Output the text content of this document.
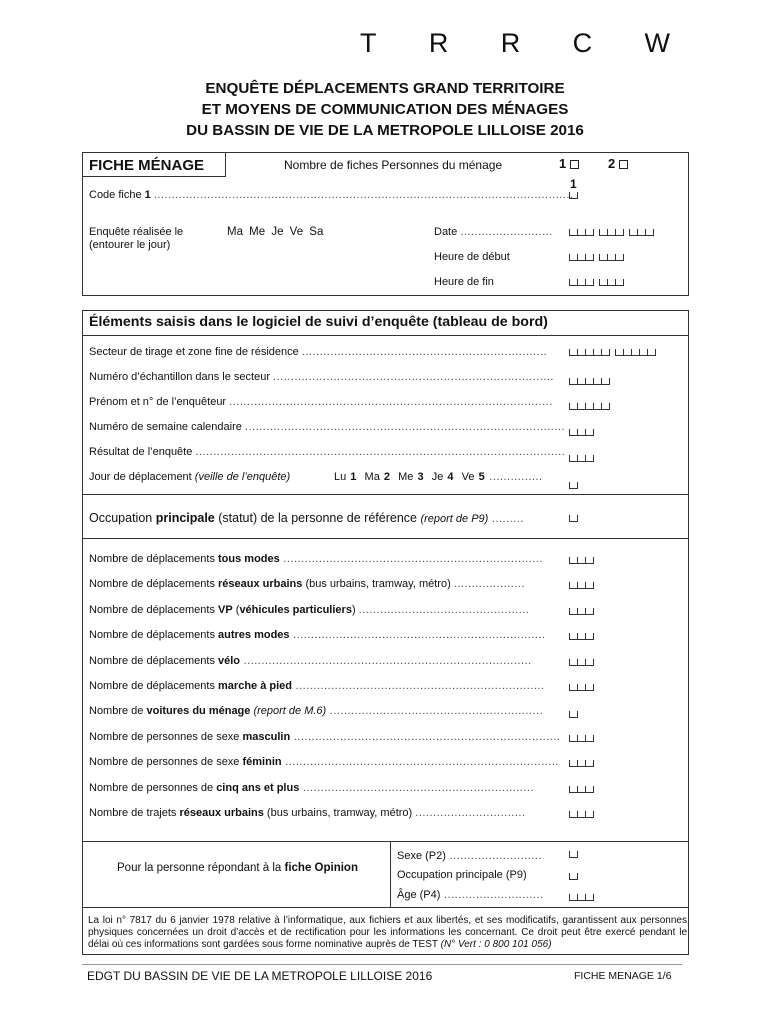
T R R C W
ENQUÊTE DÉPLACEMENTS GRAND TERRITOIRE
ET MOYENS DE COMMUNICATION DES MÉNAGES
DU BASSIN DE VIE DE LA METROPOLE LILLOISE 2016
FICHE MÉNAGE	Nombre de fiches Personnes du ménage	1	2
Code fiche 1 ......................................................................................................................
1
Enquête réalisée le
(entourer le jour)
Ma Me Je Ve Sa	Date ..........................
Heure de début
Heure de fin
Éléments saisis dans le logiciel de suivi d’enquête (tableau de bord)
Secteur de tirage et zone fine de résidence .....................................................................
Numéro d’échantillon dans le secteur ...............................................................................
Prénom et n° de l’enquêteur ...........................................................................................
Numéro de semaine calendaire ..........................................................................................
Résultat de l’enquête ........................................................................................................
Jour de déplacement (veille de l’enquête)	Lu 1 Ma 2 Me 3 Je 4 Ve 5 ...............
Occupation principale (statut) de la personne de référence (report de P9) .........
Nombre de déplacements tous modes .........................................................................
Nombre de déplacements réseaux urbains (bus urbains, tramway, métro) ....................
Nombre de déplacements VP (véhicules particuliers) ................................................
Nombre de déplacements autres modes .......................................................................
Nombre de déplacements vélo .................................................................................
Nombre de déplacements marche à pied ......................................................................
Nombre de voitures du ménage (report de M.6) ............................................................
Nombre de personnes de sexe masculin ...........................................................................
Nombre de personnes de sexe féminin .............................................................................
Nombre de personnes de cinq ans et plus .................................................................
Nombre de trajets réseaux urbains (bus urbains, tramway, métro) ...............................
Pour la personne répondant à la fiche Opinion
Sexe (P2) ..........................
Occupation principale (P9)
Âge (P4) ............................
La loi n° 7817 du 6 janvier 1978 relative à l’informatique, aux fichiers et aux libertés, et ses modificatifs, garantissent aux personnes physiques concernées un droit d’accès et de rectification pour les informations les concernant. Ce droit peut être exercé pendant le délai où ces informations sont gardées sous forme nominative auprès de TEST (N° Vert : 0 800 101 056)
EDGT DU BASSIN DE VIE DE LA METROPOLE LILLOISE 2016	FICHE MENAGE 1/6
